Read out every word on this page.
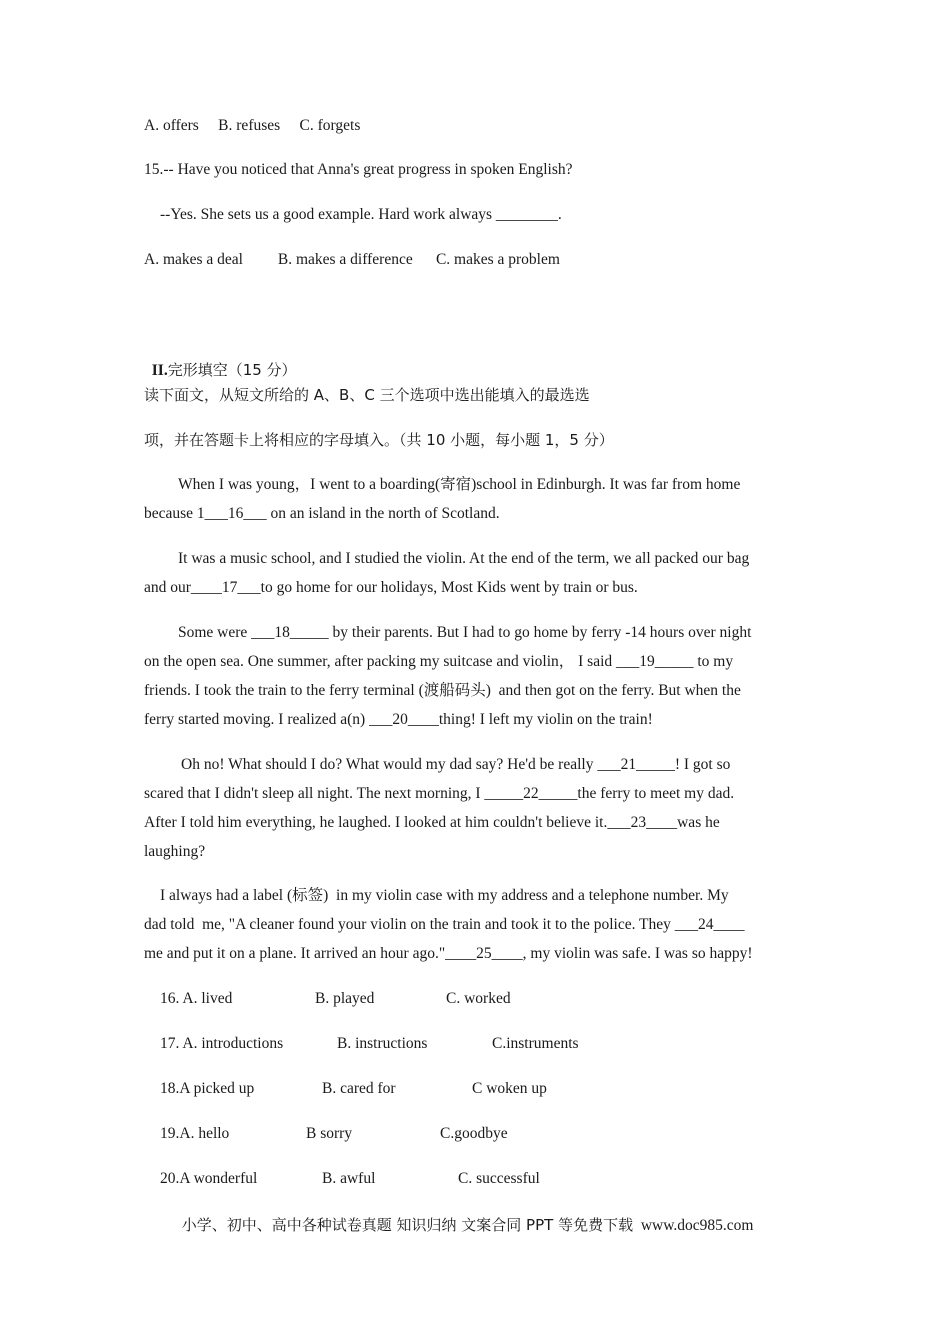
A. offers     B. refuses     C. forgets
15.-- Have you noticed that Anna's great progress in spoken English?
--Yes. She sets us a good example. Hard work always ________.
A. makes a deal         B. makes a difference      C. makes a problem

II.完形填空（15 分）

读下面文，从短文所给的 A、B、C 三个选项中选出能填入的最选选
项，并在答题卡上将相应的字母填入。（共 10 小题，每小题 1，5 分）
When I was young，I went to a boarding(寄宿)school in Edinburgh. It was far from home
because 1___16___ on an island in the north of Scotland.
It was a music school, and I studied the violin. At the end of the term, we all packed our bag
and our____17___to go home for our holidays, Most Kids went by train or bus.
Some were ___18_____ by their parents. But I had to go home by ferry -14 hours over night
on the open sea. One summer, after packing my suitcase and violin， I said ___19_____ to my
friends. I took the train to the ferry terminal (渡船码头)  and then got on the ferry. But when the
ferry started moving. I realized a(n) ___20____thing! I left my violin on the train!
Oh no! What should I do? What would my dad say? He'd be really ___21_____! I got so
scared that I didn't sleep all night. The next morning, I _____22_____the ferry to meet my dad.
After I told him everything, he laughed. I looked at him couldn't believe it.___23____was he
laughing?
I always had a label (标签)  in my violin case with my address and a telephone number. My
dad told  me, "A cleaner found your violin on the train and took it to the police. They ___24____
me and put it on a plane. It arrived an hour ago."____25____, my violin was safe. I was so happy!
16. A. lived	B. played	C. worked
17. A. introductions	B. instructions	C.instruments
18.A picked up	B. cared for	C woken up
19.A. hello	B sorry	C.goodbye
20.A wonderful	B. awful	C. successful

小学、初中、高中各种试卷真题 知识归纳 文案合同 PPT 等免费下载 www.doc985.com
